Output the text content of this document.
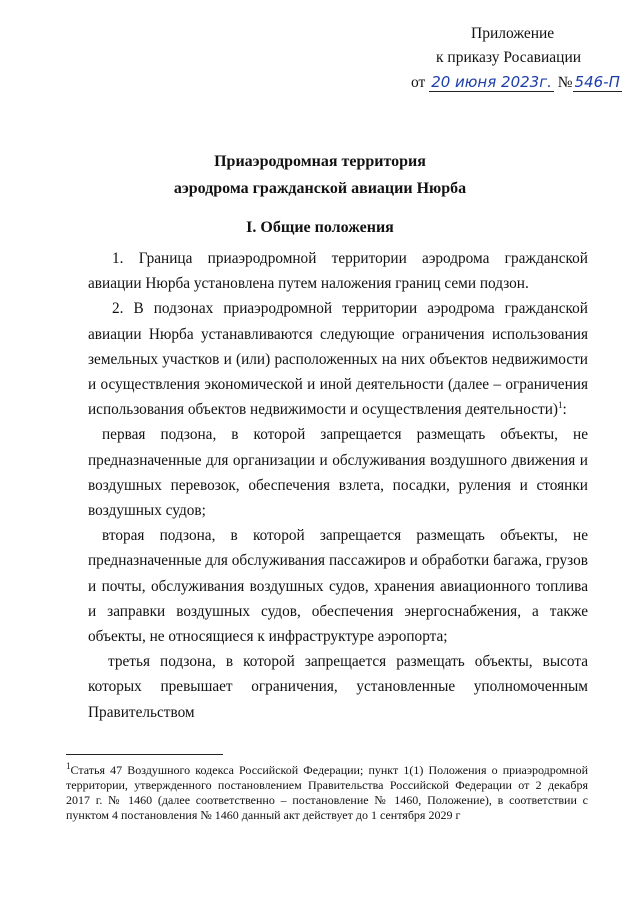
Приложение
к приказу Росавиации
от 20 июня 2023г. № 546-П
Приаэродромная территория
аэродрома гражданской авиации Нюрба
I. Общие положения

1. Граница приаэродромной территории аэродрома гражданской авиации Нюрба установлена путем наложения границ семи подзон.

2. В подзонах приаэродромной территории аэродрома гражданской авиации Нюрба устанавливаются следующие ограничения использования земельных участков и (или) расположенных на них объектов недвижимости и осуществления экономической и иной деятельности (далее – ограничения использования объектов недвижимости и осуществления деятельности)$^1$:

первая подзона, в которой запрещается размещать объекты, не предназначенные для организации и обслуживания воздушного движения и воздушных перевозок, обеспечения взлета, посадки, руления и стоянки воздушных судов;

вторая подзона, в которой запрещается размещать объекты, не предназначенные для обслуживания пассажиров и обработки багажа, грузов и почты, обслуживания воздушных судов, хранения авиационного топлива и заправки воздушных судов, обеспечения энергоснабжения, а также объекты, не относящиеся к инфраструктуре аэропорта;

третья подзона, в которой запрещается размещать объекты, высота которых превышает ограничения, установленные уполномоченным Правительством

$^1$Статья 47 Воздушного кодекса Российской Федерации; пункт 1(1) Положения о приаэродромной территории, утвержденного постановлением Правительства Российской Федерации от 2 декабря 2017 г. № 1460 (далее соответственно – постановление № 1460, Положение), в соответствии с пунктом 4 постановления № 1460 данный акт действует до 1 сентября 2029 г
